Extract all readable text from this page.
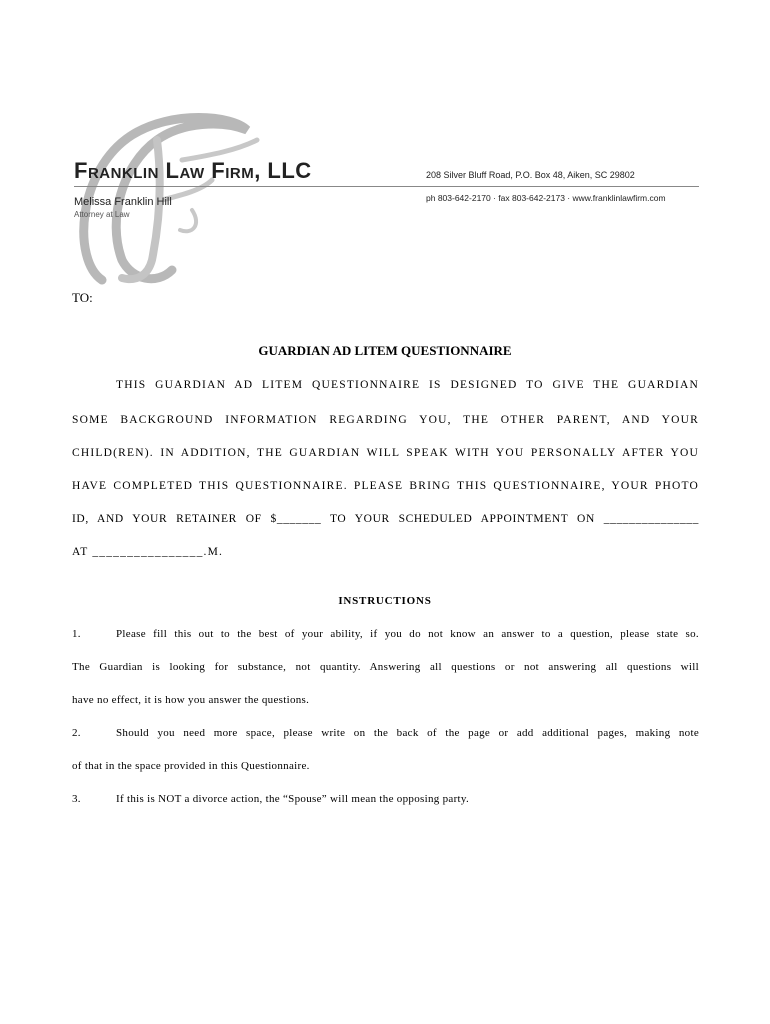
Franklin Law Firm, LLC
Melissa Franklin Hill
Attorney at Law
208 Silver Bluff Road, P.O. Box 48, Aiken, SC 29802
ph 803-642-2170 · fax 803-642-2173 · www.franklinlawfirm.com
TO:
GUARDIAN AD LITEM QUESTIONNAIRE
THIS GUARDIAN AD LITEM QUESTIONNAIRE IS DESIGNED TO GIVE THE GUARDIAN
SOME BACKGROUND INFORMATION REGARDING YOU, THE OTHER PARENT, AND YOUR
CHILD(REN). IN ADDITION, THE GUARDIAN WILL SPEAK WITH YOU PERSONALLY AFTER YOU
HAVE COMPLETED THIS QUESTIONNAIRE. PLEASE BRING THIS QUESTIONNAIRE, YOUR PHOTO
ID, AND YOUR RETAINER OF $_______ TO YOUR SCHEDULED APPOINTMENT ON _______________
AT ________________.M.
INSTRUCTIONS
1.	Please fill this out to the best of your ability, if you do not know an answer to a question, please state so.
The Guardian is looking for substance, not quantity. Answering all questions or not answering all questions will
have no effect, it is how you answer the questions.
2.	Should you need more space, please write on the back of the page or add additional pages, making note
of that in the space provided in this Questionnaire.
3.	If this is NOT a divorce action, the “Spouse” will mean the opposing party.
